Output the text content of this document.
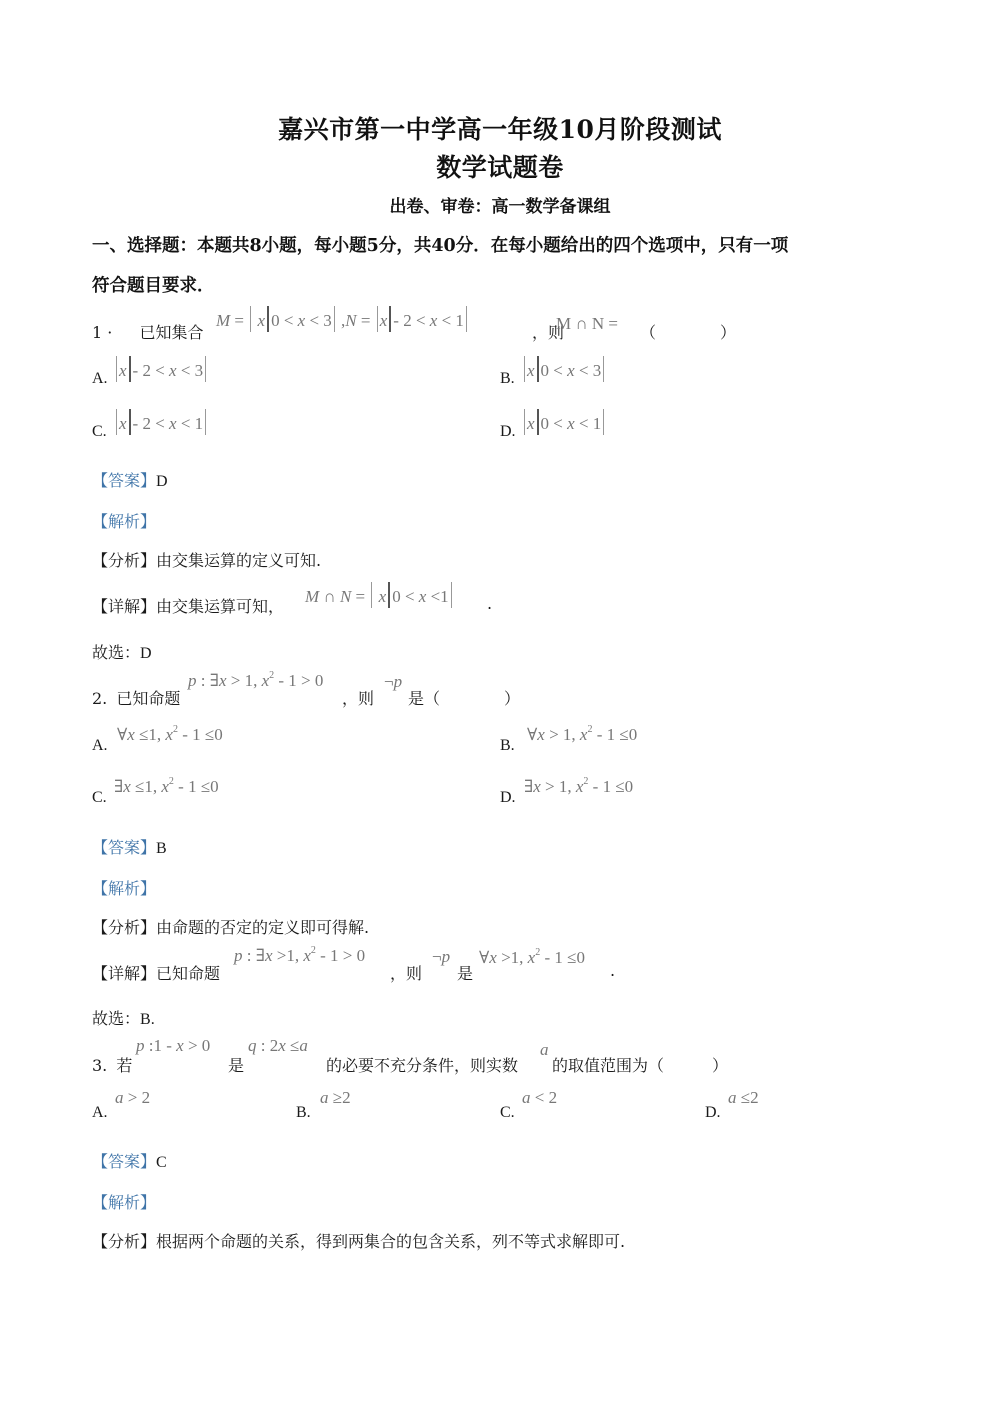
嘉兴市第一中学高一年级10月阶段测试
数学试题卷
出卷、审卷：高一数学备课组
一、选择题：本题共8小题，每小题5分，共40分．在每小题给出的四个选项中，只有一项
符合题目要求．
1 · 已知集合
M =  x 0 < x < 3 ,N = x - 2 < x < 1
，则
M ∩ N = （　　　　）
A. x - 2 < x < 3	B. x 0 < x < 3
C. x - 2 < x < 1	D. x 0 < x < 1
【答案】D
【解析】
【分析】由交集运算的定义可知.
【详解】由交集运算可知，
M ∩ N =  x 0 < x <1	.
故选：D
2. 已知命题
p : ∃x > 1, $x^2 - 1 > 0$
，则
¬p
是（　　　　）
A.
∀x ≤1, $x^2 - 1 \le 0$
B.
∀x > 1, $x^2 - 1 \le 0$
C.
∃x ≤1, $x^2 - 1 \le 0$
D.
∃x > 1, $x^2 - 1 \le 0$
【答案】B
【解析】
【分析】由命题的否定的定义即可得解.
【详解】已知命题
p : ∃x >1, $x^2 - 1 > 0$
，则
¬p
是
∀x >1, $x^2 - 1 \le 0$
.
故选：B.
3. 若
p :1 - x > 0
是
q : 2x ≤a
的必要不充分条件，则实数
a
的取值范围为（　　　）
A.
a > 2
B.
a ≥2
C.
a < 2
D.
a ≤2
【答案】C
【解析】
【分析】根据两个命题的关系，得到两集合的包含关系，列不等式求解即可.
